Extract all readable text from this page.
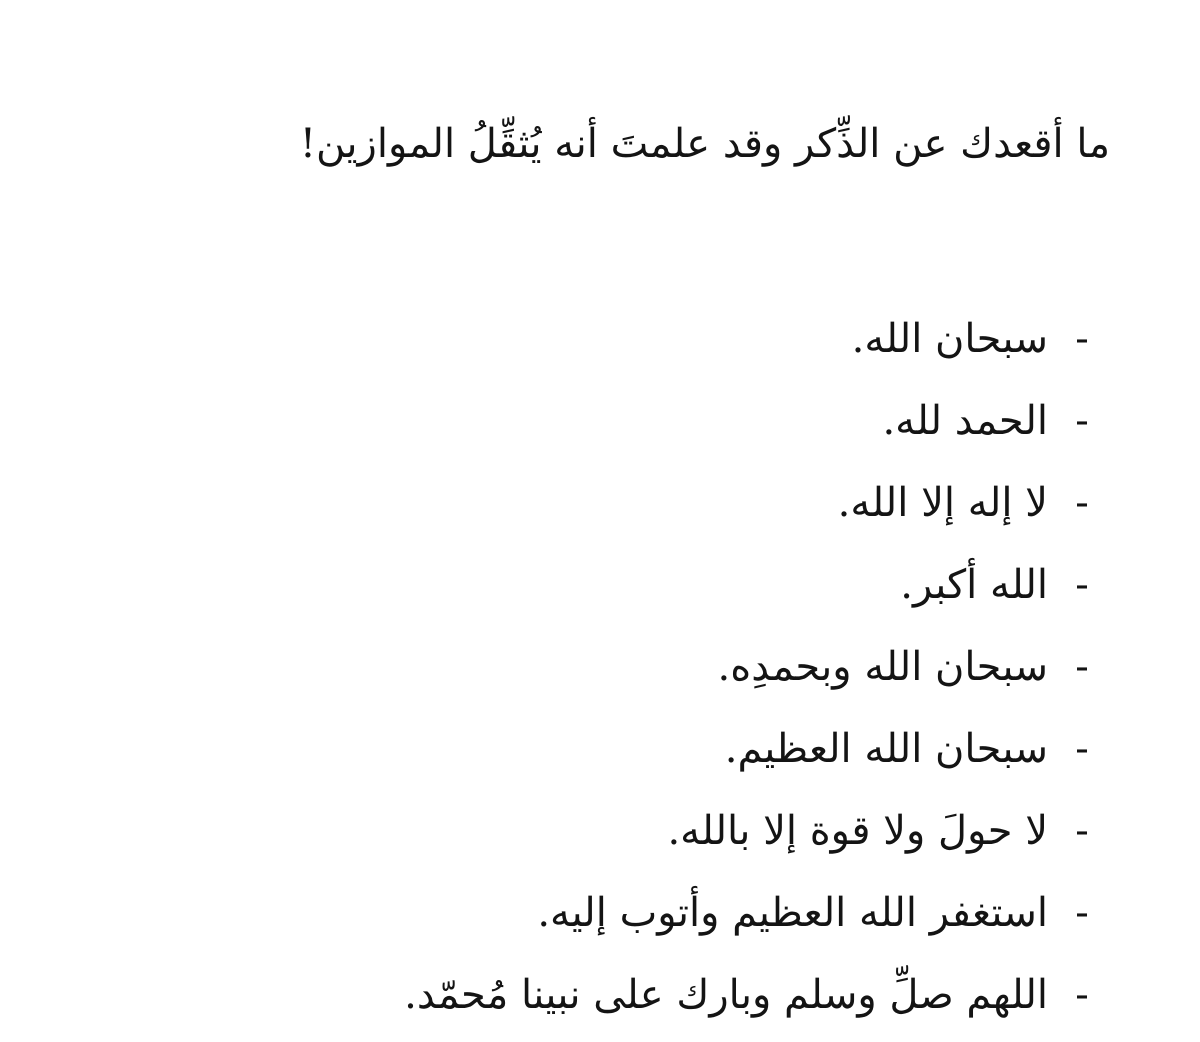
ما أقعدك عن الذِّكر وقد علمتَ أنه يُثقِّلُ الموازين!
-
سبحان الله.
-
الحمد لله.
-
لا إله إلا الله.
-
الله أكبر.
-
سبحان الله وبحمدِه.
-
سبحان الله العظيم.
-
لا حولَ ولا قوة إلا بالله.
-
استغفر الله العظيم وأتوب إليه.
-
اللهم صلِّ وسلم وبارك على نبينا مُحمّد.
